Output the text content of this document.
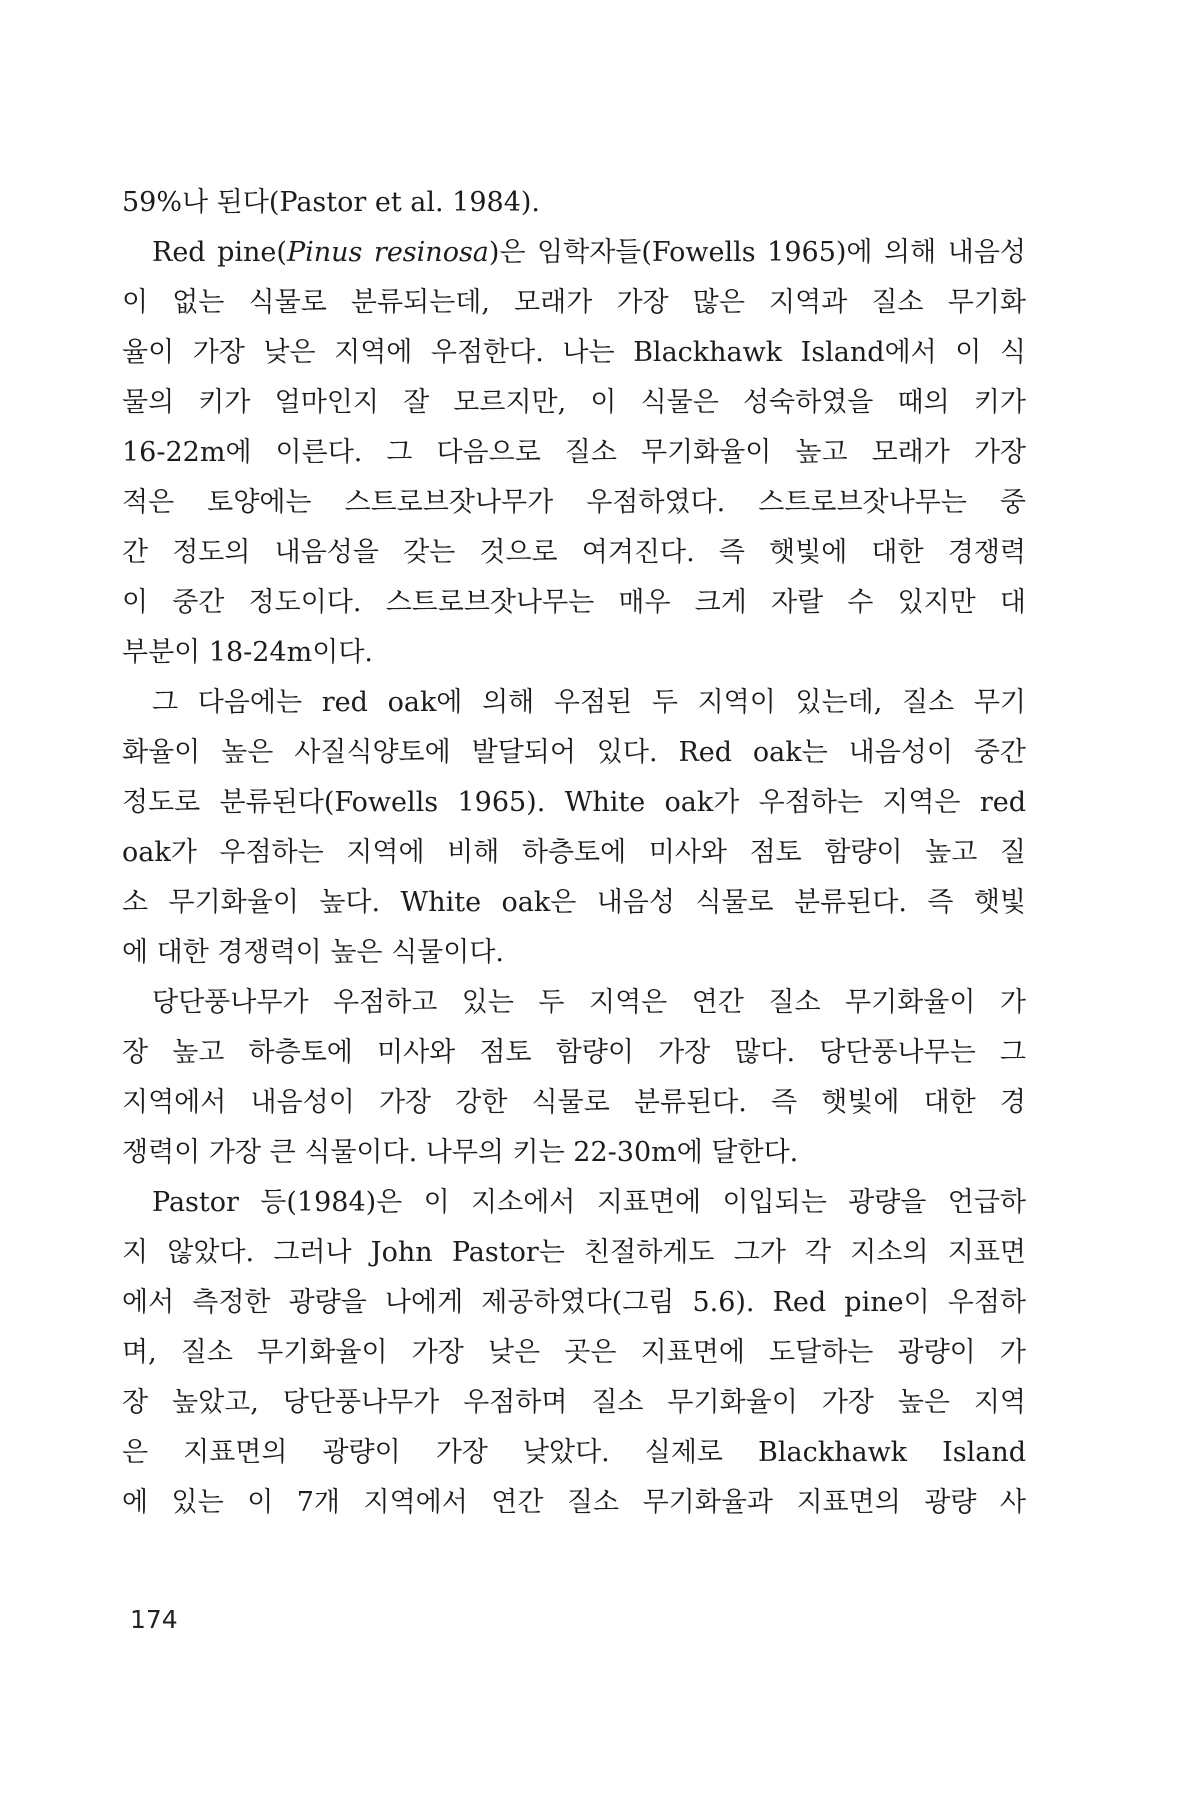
59%나 된다(Pastor et al. 1984).
Red pine(Pinus resinosa)은 임학자들(Fowells 1965)에 의해 내음성
이 없는 식물로 분류되는데, 모래가 가장 많은 지역과 질소 무기화
율이 가장 낮은 지역에 우점한다. 나는 Blackhawk Island에서 이 식
물의 키가 얼마인지 잘 모르지만, 이 식물은 성숙하였을 때의 키가
16-22m에 이른다. 그 다음으로 질소 무기화율이 높고 모래가 가장
적은 토양에는 스트로브잣나무가 우점하였다. 스트로브잣나무는 중
간 정도의 내음성을 갖는 것으로 여겨진다. 즉 햇빛에 대한 경쟁력
이 중간 정도이다. 스트로브잣나무는 매우 크게 자랄 수 있지만 대
부분이 18-24m이다.
그 다음에는 red oak에 의해 우점된 두 지역이 있는데, 질소 무기
화율이 높은 사질식양토에 발달되어 있다. Red oak는 내음성이 중간
정도로 분류된다(Fowells 1965). White oak가 우점하는 지역은 red
oak가 우점하는 지역에 비해 하층토에 미사와 점토 함량이 높고 질
소 무기화율이 높다. White oak은 내음성 식물로 분류된다. 즉 햇빛
에 대한 경쟁력이 높은 식물이다.
당단풍나무가 우점하고 있는 두 지역은 연간 질소 무기화율이 가
장 높고 하층토에 미사와 점토 함량이 가장 많다. 당단풍나무는 그
지역에서 내음성이 가장 강한 식물로 분류된다. 즉 햇빛에 대한 경
쟁력이 가장 큰 식물이다. 나무의 키는 22-30m에 달한다.
Pastor 등(1984)은 이 지소에서 지표면에 이입되는 광량을 언급하
지 않았다. 그러나 John Pastor는 친절하게도 그가 각 지소의 지표면
에서 측정한 광량을 나에게 제공하였다(그림 5.6). Red pine이 우점하
며, 질소 무기화율이 가장 낮은 곳은 지표면에 도달하는 광량이 가
장 높았고, 당단풍나무가 우점하며 질소 무기화율이 가장 높은 지역
은 지표면의 광량이 가장 낮았다. 실제로 Blackhawk Island
에 있는 이 7개 지역에서 연간 질소 무기화율과 지표면의 광량 사
174
